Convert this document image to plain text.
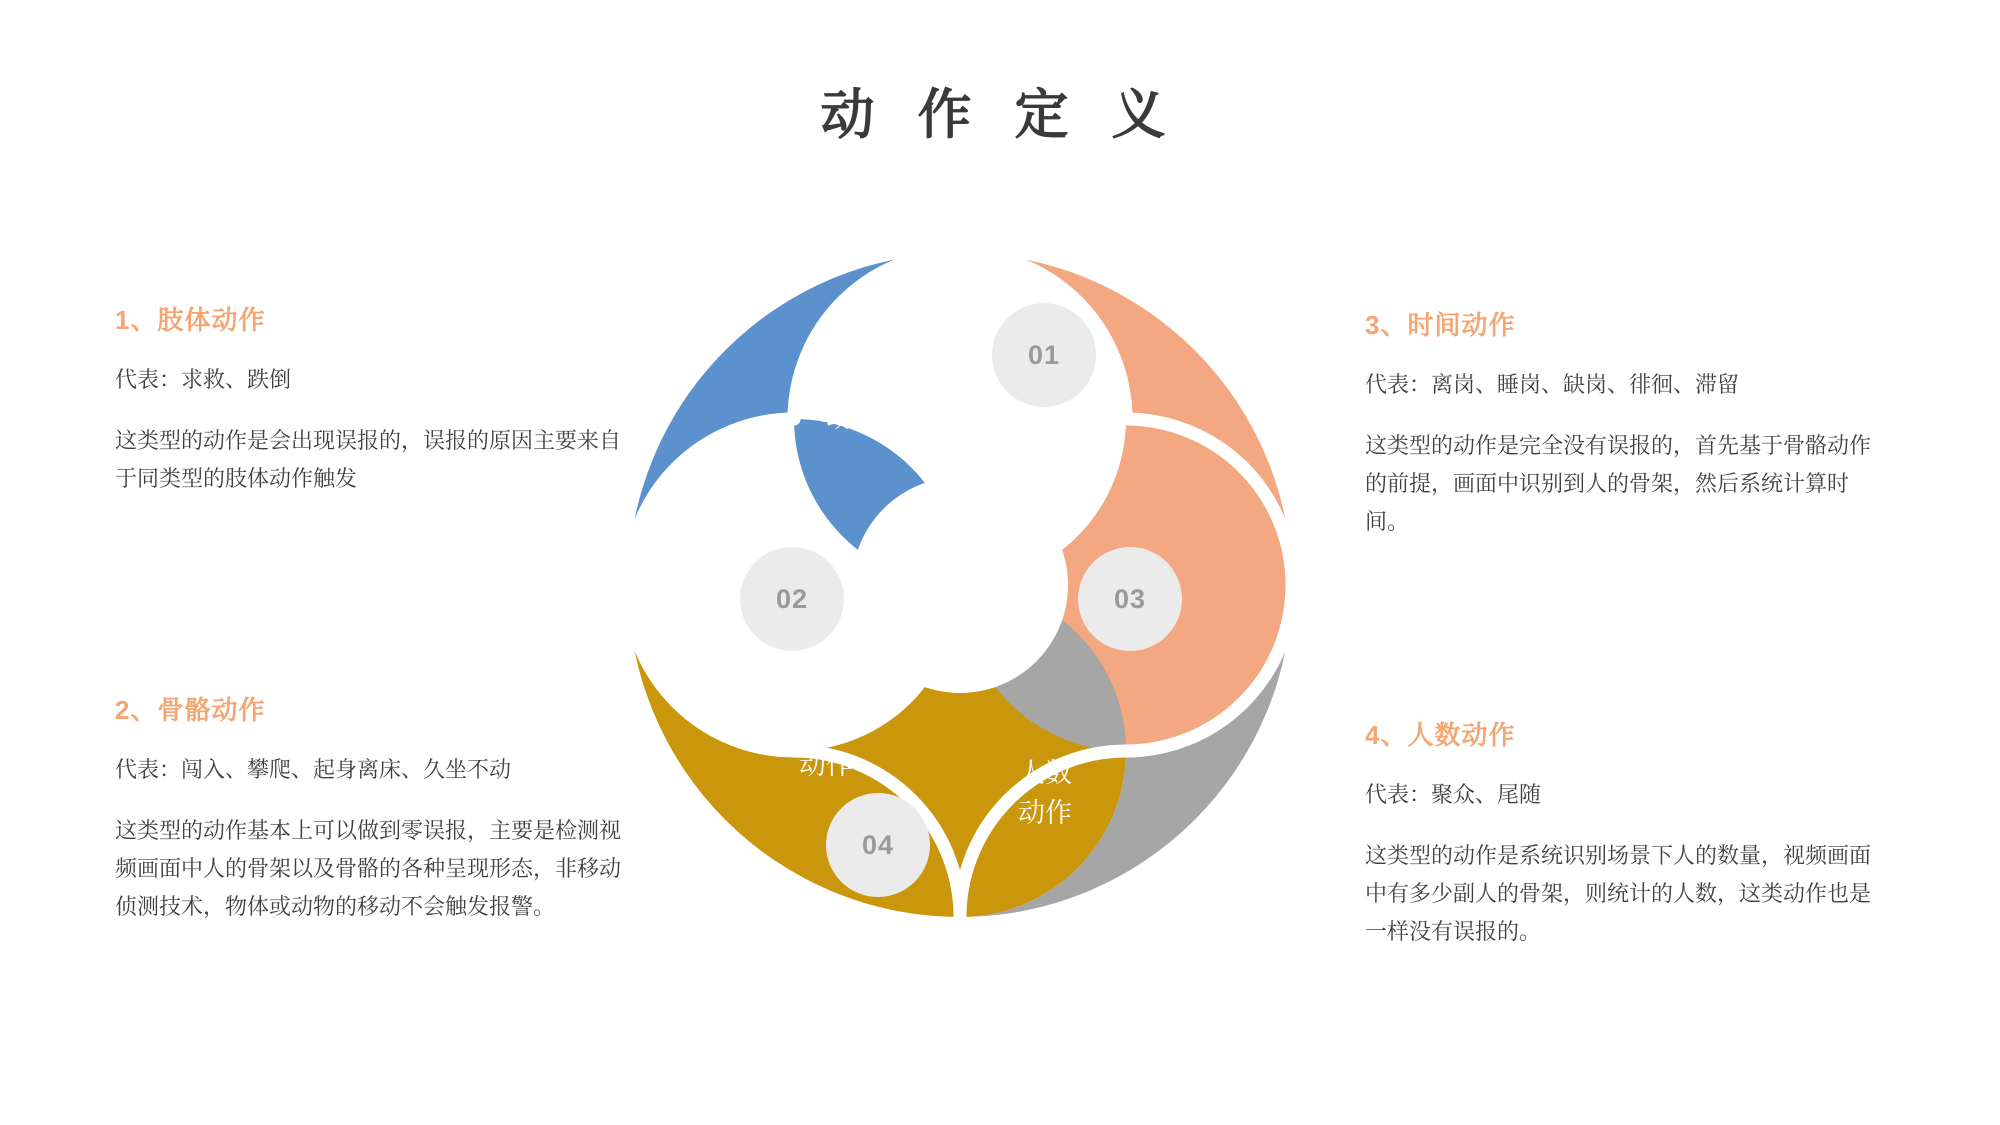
动 作 定 义
1、肢体动作
代表：求救、跌倒
这类型的动作是会出现误报的，误报的原因主要来自于同类型的肢体动作触发
2、骨骼动作
代表：闯入、攀爬、起身离床、久坐不动
这类型的动作基本上可以做到零误报，主要是检测视频画面中人的骨架以及骨骼的各种呈现形态，非移动侦测技术，物体或动物的移动不会触发报警。
3、时间动作
代表：离岗、睡岗、缺岗、徘徊、滞留
这类型的动作是完全没有误报的，首先基于骨骼动作的前提，画面中识别到人的骨架，然后系统计算时间。
4、人数动作
代表：聚众、尾随
这类型的动作是系统识别场景下人的数量，视频画面中有多少副人的骨架，则统计的人数，这类动作也是一样没有误报的。
01
02	03
04
肢体
动作	时间
动作
骨骼
动作	人数
动作
